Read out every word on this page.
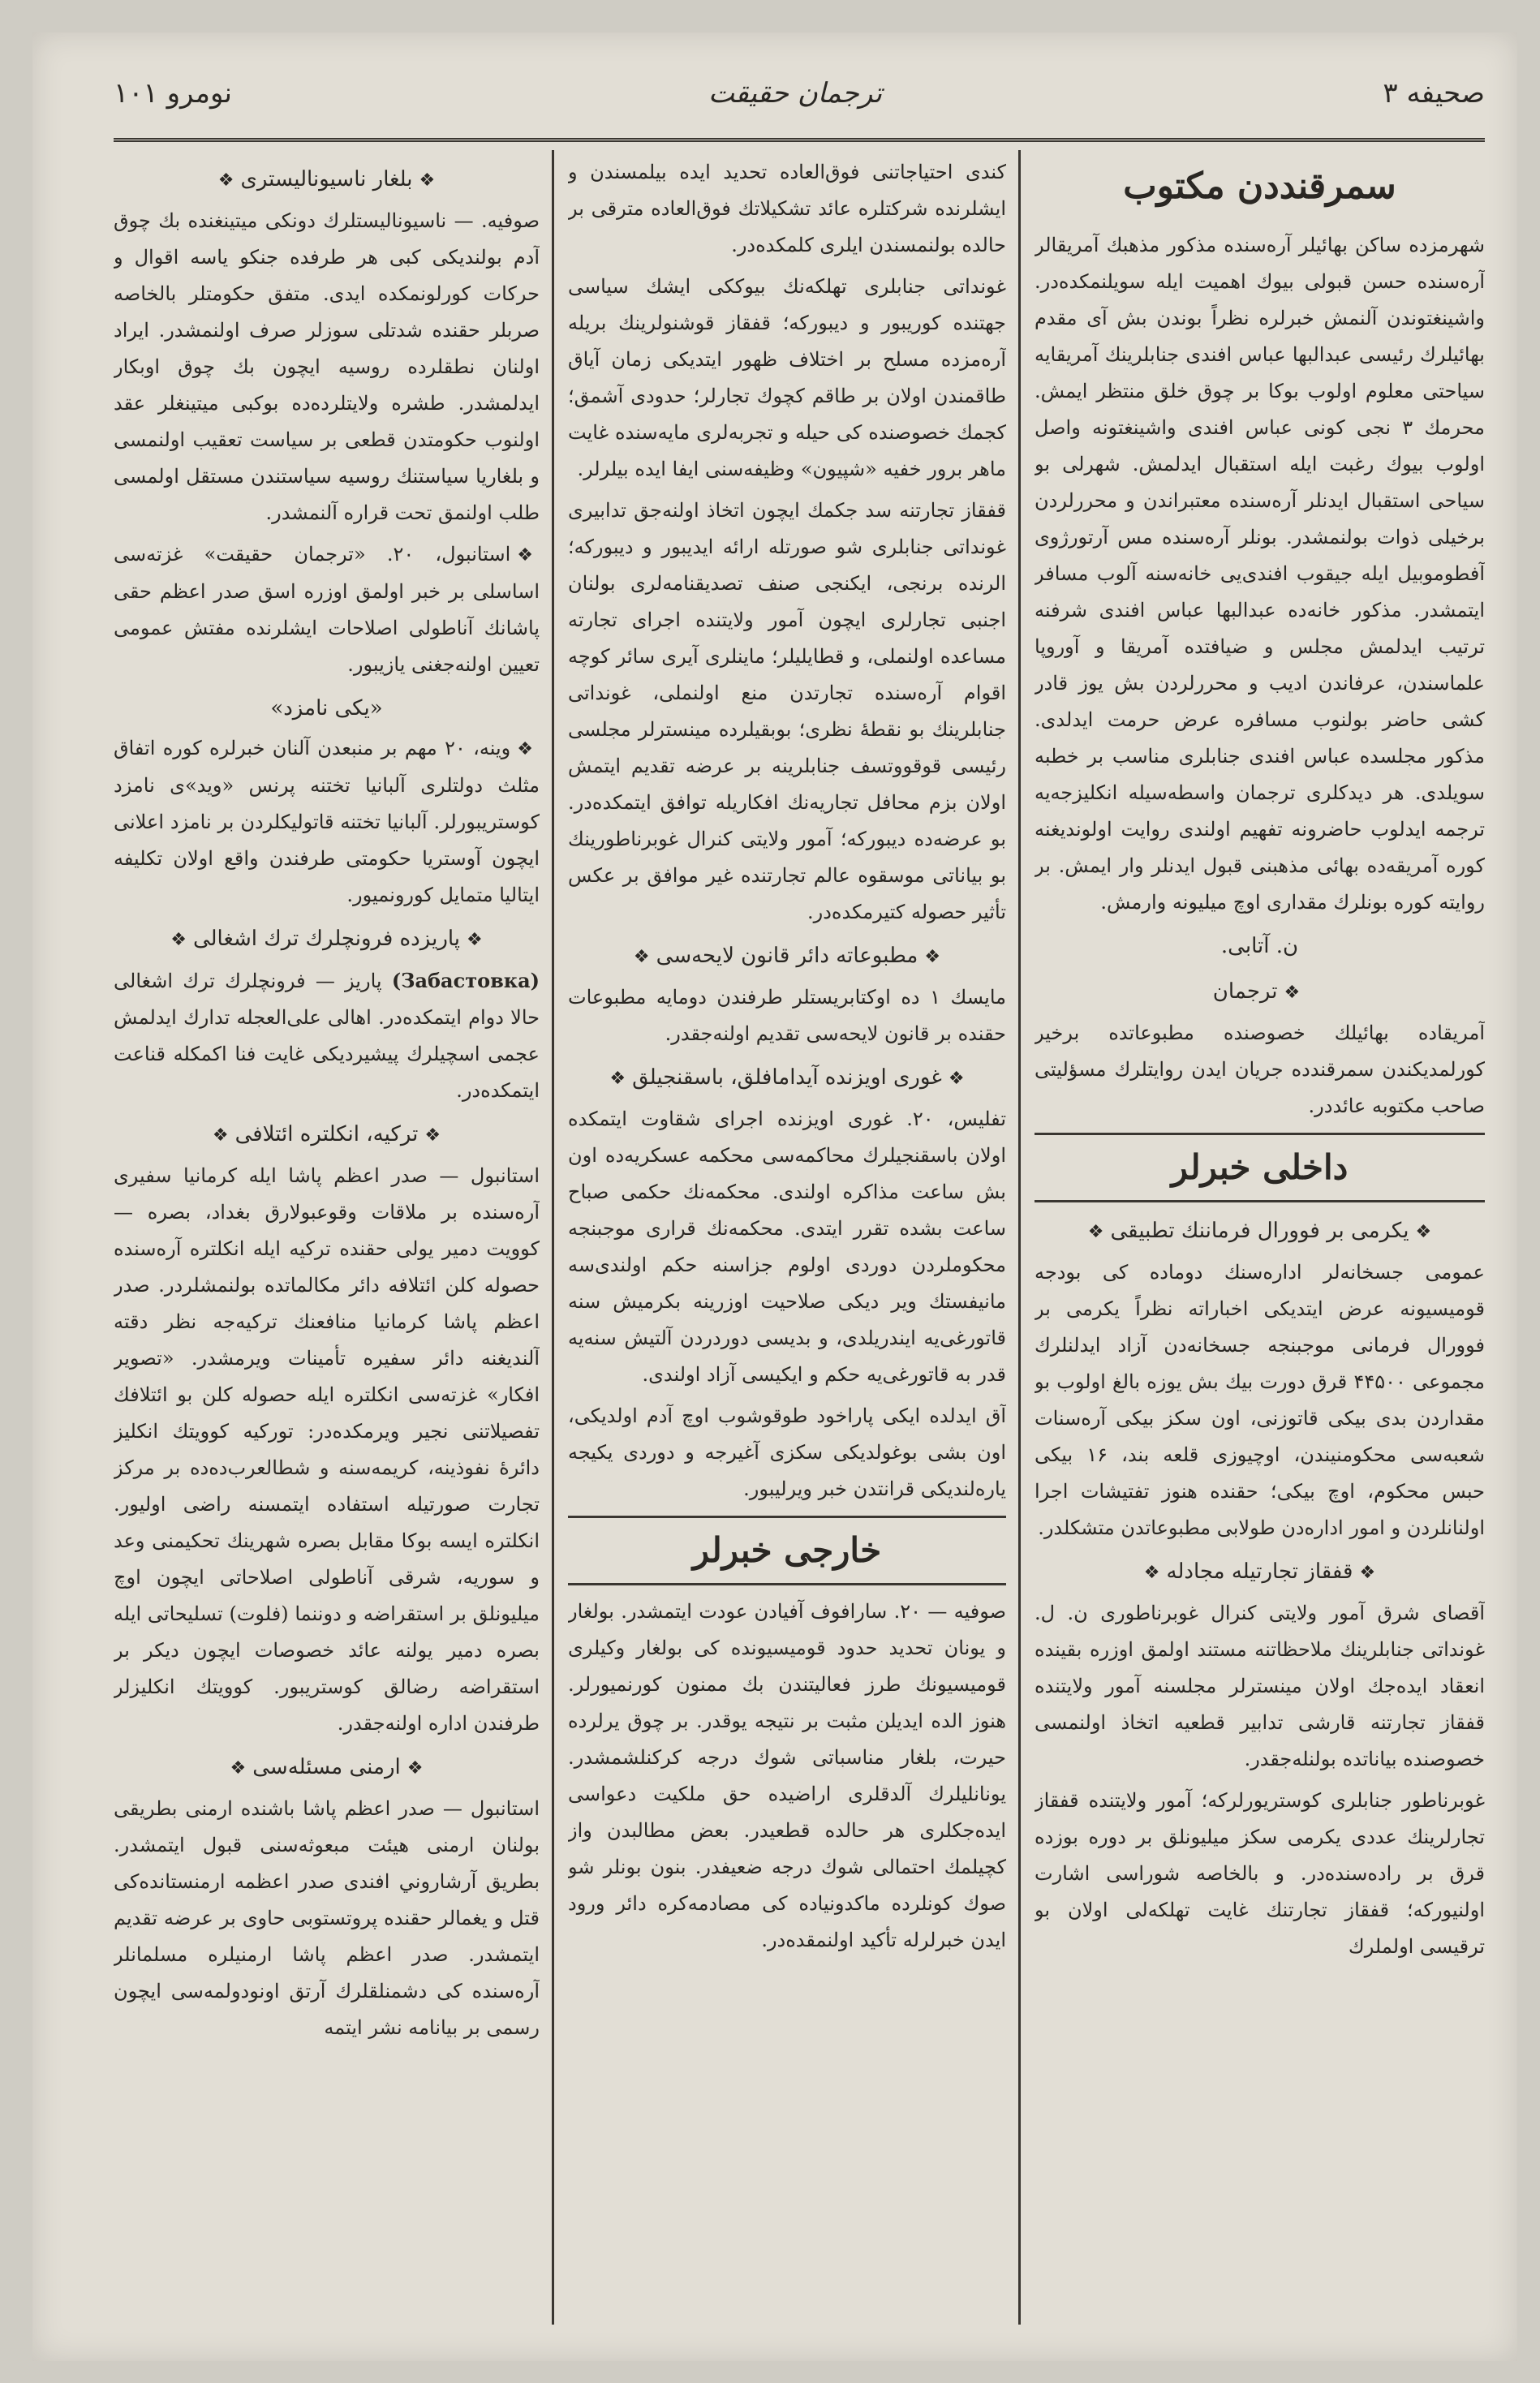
نومرو ۱۰۱	ترجمان حقيقت	صحيفه ۳
سمرقنددن مكتوب

شهرمزده ساكن بهائيلر آره‌سنده مذكور مذهبك آمريقالر آره‌سنده حسن قبولى بيوك اهميت ايله سويلنمكده‌در. واشينغتوندن آلنمش خبرلره نظراً بوندن بش آى مقدم بهائيلرك رئيسى عبدالبها عباس افندى جنابلرينك آمريقايه سياحتى معلوم اولوب بوكا بر چوق خلق منتظر ايمش. محرمك ۳ نجى كونى عباس افندى واشينغتونه واصل اولوب بيوك رغبت ايله استقبال ايدلمش. شهرلى بو سياحى استقبال ايدنلر آره‌سنده معتبراندن و محررلردن برخيلى ذوات بولنمشدر. بونلر آره‌سنده مس آرتورژوى آفطوموبيل ايله جيقوب افندى‌يى خانه‌سنه آلوب مسافر ايتمشدر. مذكور خانه‌ده عبدالبها عباس افندى شرفنه ترتيب ايدلمش مجلس و ضيافتده آمريقا و آوروپا علماسندن، عرفاندن اديب و محررلردن بش يوز قادر كشى حاضر بولنوب مسافره عرض حرمت ايدلدى. مذكور مجلسده عباس افندى جنابلرى مناسب بر خطبه سويلدى. هر ديدكلرى ترجمان واسطه‌سيله انكليزجه‌يه ترجمه ايدلوب حاضرونه تفهيم اولندى روايت اولوندیغنه كوره آمريقه‌ده بهائى مذهبنى قبول ايدنلر وار ايمش. بر روايته كوره بونلرك مقدارى اوچ ميليونه وارمش.

ن. آتابى.
❖ترجمان

آمريقاده بهائيلك خصوصنده مطبوعاتده برخير كورلمديكندن سمرقندده جريان ايدن روايتلرك مسؤليتى صاحب مكتوبه عائددر.

داخلى خبرلر
❖يكرمى بر فوورال فرماننك تطبيقى❖

عمومى جسخانه‌لر اداره‌سنك دوماده كى بودجه قوميسيونه عرض ايتديكى اخباراته نظراً يكرمى بر فوورال فرمانى موجبنجه جسخانه‌دن آزاد ايدلنلرك مجموعى ۴۴۵۰۰ قرق دورت بيك بش يوزه بالغ اولوب بو مقداردن بدى بيكى قاتوزنى، اون سكز بيكى آره‌سنات شعبه‌سى محكومنيندن، اوچيوزى قلعه بند، ۱۶ بيكى حبس محكوم، اوچ بيكى؛ حقنده هنوز تفتيشات اجرا اولنانلردن و امور اداره‌دن طولابى مطبوعاتدن متشكلدر.

❖قفقاز تجارتيله مجادله❖

آقصاى شرق آمور ولايتى كنرال غوبرناطورى ن. ل. غونداتى جنابلرينك ملاحظاتنه مستند اولمق اوزره بقينده انعقاد ايده‌جك اولان مينسترلر مجلسنه آمور ولايتنده قفقاز تجارتنه قارشى تدابير قطعيه اتخاذ اولنمسى خصوصنده بياناتده بولنله‌جقدر.

غوبرناطور جنابلرى كوستريورلركه؛ آمور ولايتنده قفقاز تجارلرينك عددى يكرمى سكز ميليونلق بر دوره بوزده قرق بر راده‌سنده‌در. و بالخاصه شوراسى اشارت اولنيوركه؛ قفقاز تجارتنك غايت تهلكه‌لى اولان بو ترقيسى اولملرك

كندى احتياجاتنى فوق‌العاده تحديد ايده بيلمسندن و ايشلرنده شركتلره عائد تشكيلاتك فوق‌العاده مترقى بر حالده بولنمسندن ايلرى كلمكده‌در.

غونداتى جنابلرى تهلكه‌نك بيوككى ايشك سياسى جهتنده كوريبور و ديبوركه؛ قفقاز قوشنولرينك بريله آره‌مزده مسلح بر اختلاف ظهور ايتديكى زمان آياق طاقمندن اولان بر طاقم كچوك تجارلر؛ حدودى آشمق؛ كجمك خصوصنده كى حيله و تجربه‌لرى مايه‌سنده غايت ماهر برور خفيه «شپيون» وظيفه‌سنى ايفا ايده بيلرلر.

قفقاز تجارتنه سد جكمك ايچون اتخاذ اولنه‌جق تدابيرى غونداتى جنابلرى شو صورتله ارائه ايديبور و ديبوركه؛ الرنده برنجى، ايكنجى صنف تصديقنامه‌لرى بولنان اجنبى تجارلرى ايچون آمور ولايتنده اجراى تجارته مساعده اولنملى، و قطايليلر؛ ماينلرى آيرى سائر كوچه اقوام آره‌سنده تجارتدن منع اولنملى، غونداتى جنابلرينك بو نقطه‌ٔ نظرى؛ بوبقيلرده مينسترلر مجلسى رئيسى قوقووتسف جنابلرينه بر عرضه تقديم ايتمش اولان بزم محافل تجاريه‌نك افكاريله توافق ايتمكده‌در. بو عرضه‌ده ديبوركه؛ آمور ولايتى كنرال غوبرناطورينك بو بياناتى موسقوه عالم تجارتنده غير موافق بر عكس تأثير حصوله كتيرمكده‌در.

❖مطبوعاته دائر قانون لايحه‌سى❖

مايسك ۱ ده اوكتابريستلر طرفندن دومايه مطبوعات حقنده بر قانون لايحه‌سى تقديم اولنه‌جقدر.

❖غورى اويزنده آيدامافلق، باسقنجيلق❖

تفليس، ۲۰. غورى اويزنده اجراى شقاوت ايتمكده اولان باسقنجيلرك محاكمه‌سى محكمه عسكريه‌ده اون بش ساعت مذاكره اولندى. محكمه‌نك حكمى صباح ساعت بشده تقرر ايتدى. محكمه‌نك قرارى موجبنجه محكوملردن دوردى اولوم جزاسنه حكم اولندى‌سه مانيفستك وير ديكى صلاحيت اوزرينه بكرميش سنه قاتورغى‌يه ايندريلدى، و بديسى دوردردن آلتيش سنه‌يه قدر به قاتورغى‌يه حكم و ايكيسى آزاد اولندى.

آق ايدلده ايكى پاراخود طوقوشوب اوچ آدم اولديكى، اون بشى بوغولديكى سكزى آغيرجه و دوردى يكيجه ياره‌لنديكى قرانتدن خبر ويرليبور.

خارجى خبرلر

صوفيه — ۲۰. سارافوف آفيادن عودت ايتمشدر. بولغار و يونان تحديد حدود قوميسيونده كى بولغار وكيلرى قوميسيونك طرز فعاليتندن بك ممنون كورنميورلر. هنوز الده ايديلن مثبت بر نتيجه يوقدر. بر چوق يرلرده حيرت، بلغار مناسباتى شوك درجه كركنلشمشدر. يونانليلرك آلدقلرى اراضيده حق ملكيت دعواسى ايده‌جكلرى هر حالده قطعيدر. بعض مطالبدن واز كچيلمك احتمالى شوك درجه ضعيفدر. بنون بونلر شو صوك كونلرده ماكدونياده كى مصادمه‌كره دائر ورود ايدن خبرلرله تأكيد اولنمقده‌در.

❖بلغار ناسيوناليسترى❖

صوفيه. — ناسيوناليستلرك دونكى ميتينغنده بك چوق آدم بولنديكى كبى هر طرفده جنكو ياسه اقوال و حركات كورلونمكده ايدى. متفق حكومتلر بالخاصه صربلر حقنده شدتلى سوزلر صرف اولنمشدر. ايراد اولنان نطقلرده روسيه ايچون بك چوق اوبكار ايدلمشدر. طشره ولايتلرده‌ده بوكبى ميتينغلر عقد اولنوب حكومتدن قطعى بر سياست تعقيب اولنمسى و بلغاريا سياستنك روسيه سياستندن مستقل اولمسى طلب اولنمق تحت قراره آلنمشدر.

❖استانبول، ۲۰. «ترجمان حقيقت» غزته‌سى اساسلى بر خبر اولمق اوزره اسق صدر اعظم حقى پاشانك آناطولى اصلاحات ايشلرنده مفتش عمومى تعيين اولنه‌جغنى يازيبور.

«يكى نامزد»

❖وينه، ۲۰ مهم بر منبعدن آلنان خبرلره كوره اتفاق مثلث دولتلرى آلبانيا تختنه پرنس «ويد»ى نامزد كوستريبورلر. آلبانيا تختنه قاتوليكلردن بر نامزد اعلانى ايچون آوستريا حكومتى طرفندن واقع اولان تكليفه ايتاليا متمايل كورونميور.

❖پاريزده فرونچلرك ترك اشغالى❖

(Забастовка) پاريز — فرونچلرك ترك اشغالى حالا دوام ايتمكده‌در. اهالى على‌العجله تدارك ايدلمش عجمى اسچيلرك پيشيرديكى غايت فنا اكمكله قناعت ايتمكده‌در.

❖تركيه، انكلتره ائتلافى❖

استانبول — صدر اعظم پاشا ايله كرمانيا سفيرى آره‌سنده بر ملاقات وقوعبولارق بغداد، بصره — كوويت دمير يولى حقنده تركيه ايله انكلتره آره‌سنده حصوله كلن ائتلافه دائر مكالماتده بولنمشلردر. صدر اعظم پاشا كرمانيا منافعنك تركيه‌جه نظر دقته آلندیغنه دائر سفيره تأمينات ويرمشدر. «تصوير افكار» غزته‌سى انكلتره ايله حصوله كلن بو ائتلافك تفصيلاتنى نجير ويرمكده‌در: توركيه كوويتك انكليز دائرهٔ نفوذينه، كريمه‌سنه و شطالعرب‌ده‌ده بر مركز تجارت صورتيله استفاده ايتمسنه راضى اوليور. انكلتره ايسه بوكا مقابل بصره شهرينك تحكيمنى وعد و سوريه، شرقى آناطولى اصلاحاتى ايچون اوچ ميليونلق بر استقراضه و دوننما (فلوت) تسليحاتى ايله بصره دمير يولنه عائد خصوصات ايچون ديكر بر استقراضه رضالق كوستريبور. كوويتك انكليزلر طرفندن اداره اولنه‌جقدر.

❖ارمنى مسئله‌سى❖

استانبول — صدر اعظم پاشا باشنده ارمنى بطريقى بولنان ارمنى هيئت مبعوثه‌سنى قبول ايتمشدر. بطريق آرشاروني افندى صدر اعظمه ارمنستانده‌كى قتل و يغمالر حقنده پروتستوبى حاوى بر عرضه تقديم ايتمشدر. صدر اعظم پاشا ارمنيلره مسلمانلر آره‌سنده كى دشمنلقلرك آرتق اونودولمه‌سى ايچون رسمى بر بيانامه نشر ايتمه
